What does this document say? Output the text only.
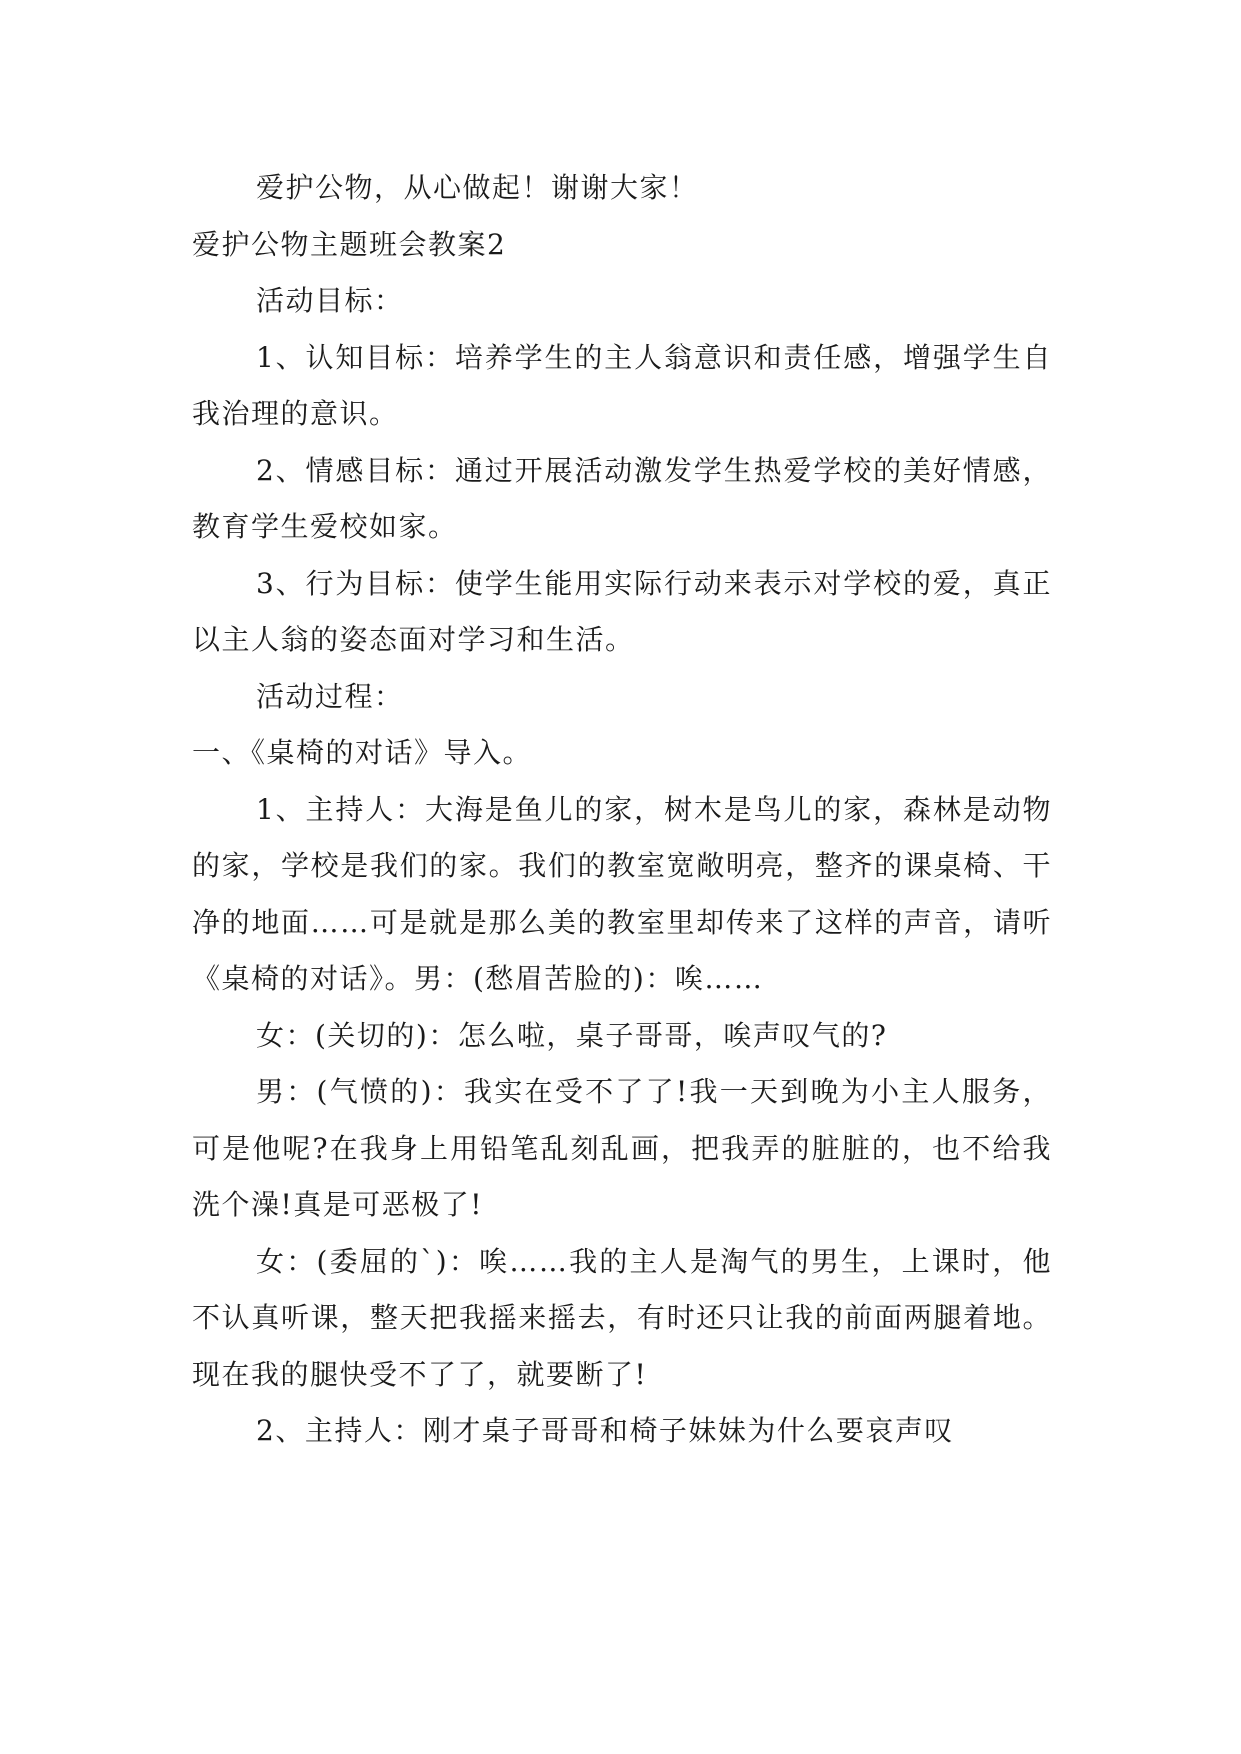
爱护公物，从心做起！谢谢大家！

爱护公物主题班会教案2

活动目标：

1、认知目标：培养学生的主人翁意识和责任感，增强学生自我治理的意识。

2、情感目标：通过开展活动激发学生热爱学校的美好情感，教育学生爱校如家。

3、行为目标：使学生能用实际行动来表示对学校的爱，真正以主人翁的姿态面对学习和生活。

活动过程：

一、《桌椅的对话》导入。

1、主持人：大海是鱼儿的家，树木是鸟儿的家，森林是动物的家，学校是我们的家。我们的教室宽敞明亮，整齐的课桌椅、干净的地面……可是就是那么美的教室里却传来了这样的声音，请听《桌椅的对话》。男：(愁眉苦脸的)：唉……

女：(关切的)：怎么啦，桌子哥哥，唉声叹气的?

男：(气愤的)：我实在受不了了!我一天到晚为小主人服务，可是他呢?在我身上用铅笔乱刻乱画，把我弄的脏脏的，也不给我洗个澡!真是可恶极了!

女：(委屈的`)：唉……我的主人是淘气的男生，上课时，他不认真听课，整天把我摇来摇去，有时还只让我的前面两腿着地。现在我的腿快受不了了，就要断了!

2、主持人：刚才桌子哥哥和椅子妹妹为什么要哀声叹
